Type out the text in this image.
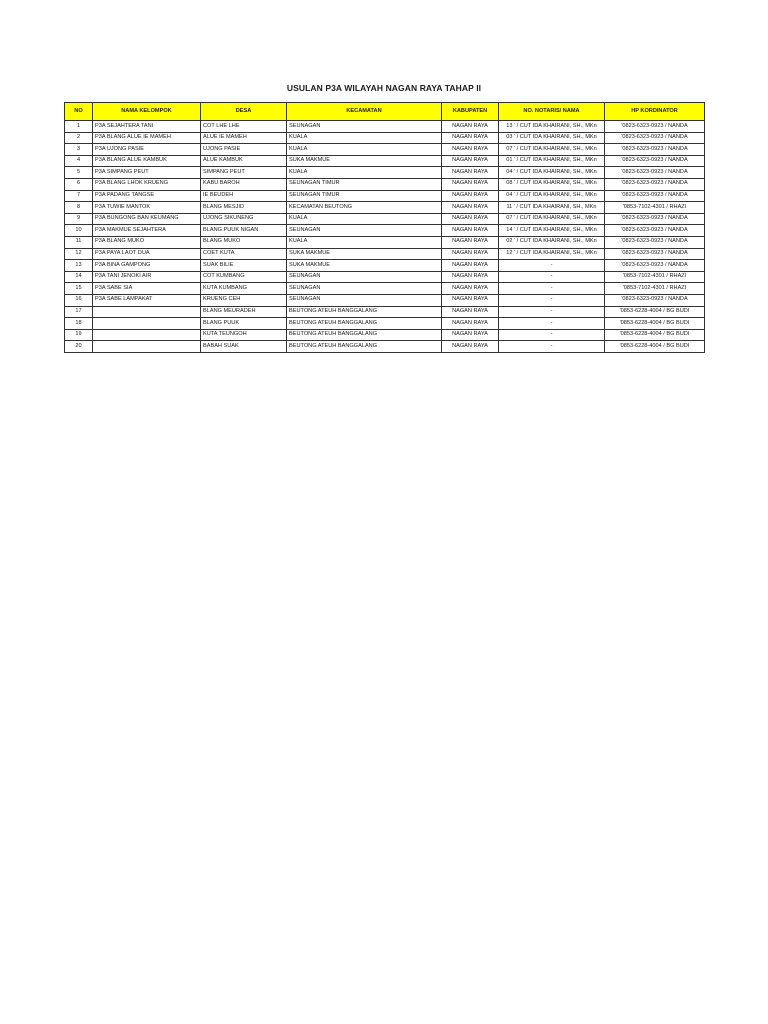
USULAN P3A WILAYAH NAGAN RAYA TAHAP II
NO	NAMA KELOMPOK	DESA	KECAMATAN	KABUPATEN	NO. NOTARIS/ NAMA	HP KORDINATOR
1	P3A SEJAHTERA TANI	COT LHE LHE	SEUNAGAN	NAGAN RAYA	13 ' / CUT IDA KHAIRANI, SH., MKn	'0823-6323-0923 / NANDA
2	P3A BLANG ALUE IE MAMEH	ALUE IE MAMEH	KUALA	NAGAN RAYA	03 ' / CUT IDA KHAIRANI, SH., MKn	'0823-6323-0923 / NANDA
3	P3A UJONG PASIE	UJONG PASIE	KUALA	NAGAN RAYA	07 ' / CUT IDA KHAIRANI, SH., MKn	'0823-6323-0923 / NANDA
4	P3A BLANG ALUE KAMBUK	ALUE KAMBUK	SUKA MAKMUE	NAGAN RAYA	01 ' / CUT IDA KHAIRANI, SH., MKn	'0823-6323-0923 / NANDA
5	P3A SIMPANG PEUT	SIMPANG PEUT	KUALA	NAGAN RAYA	04 ' / CUT IDA KHAIRANI, SH., MKn	'0823-6323-0923 / NANDA
6	P3A BLANG LHOK KRUENG	KABU BAROH	SEUNAGAN TIMUR	NAGAN RAYA	08 ' / CUT IDA KHAIRANI, SH., MKn	'0823-6323-0923 / NANDA
7	P3A PADANG TANGSE	IE BEUDEH	SEUNAGAN TIMUR	NAGAN RAYA	04 ' / CUT IDA KHAIRANI, SH., MKn	'0823-6323-0923 / NANDA
8	P3A TUWIE MANTOK	BLANG MESJID	KECAMATAN BEUTONG	NAGAN RAYA	11 ' / CUT IDA KHAIRANI, SH., MKn	'0853-7102-4301 / RHAZI
9	P3A BUNGONG BAN KEUMANG	UJONG SIKUNENG	KUALA	NAGAN RAYA	07 ' / CUT IDA KHAIRANI, SH., MKn	'0823-6323-0923 / NANDA
10	P3A MAKMUE SEJAHTERA	BLANG PUUK NIGAN	SEUNAGAN	NAGAN RAYA	14 ' / CUT IDA KHAIRANI, SH., MKn	'0823-6323-0923 / NANDA
11	P3A BLANG MUKO	BLANG MUKO	KUALA	NAGAN RAYA	02 ' / CUT IDA KHAIRANI, SH., MKn	'0823-6323-0923 / NANDA
12	P3A PAYA LAOT DUA	COET KUTA	SUKA MAKMUE	NAGAN RAYA	12 ' / CUT IDA KHAIRANI, SH., MKn	'0823-6323-0923 / NANDA
13	P3A BINA GAMPONG	SUAK BILIE	SUKA MAKMUE	NAGAN RAYA	-	'0823-6323-0923 / NANDA
14	P3A TANI JENOKI AIR	COT KUMBANG	SEUNAGAN	NAGAN RAYA	-	'0853-7102-4301 / RHAZI
15	P3A SABE SIA	KUTA KUMBANG	SEUNAGAN	NAGAN RAYA	-	'0853-7102-4301 / RHAZI
16	P3A SABE LAMPAKAT	KRUENG CEH	SEUNAGAN	NAGAN RAYA	-	'0823-6323-0923 / NANDA
17		BLANG MEURADEH	BEUTONG ATEUH BANGGALANG	NAGAN RAYA	-	'0853-6228-4004 / BG BUDI
18		BLANG PUUK	BEUTONG ATEUH BANGGALANG	NAGAN RAYA	-	'0853-6228-4004 / BG BUDI
19		KUTA TEUNGOH	BEUTONG ATEUH BANGGALANG	NAGAN RAYA	-	'0853-6228-4004 / BG BUDI
20		BABAH SUAK	BEUTONG ATEUH BANGGALANG	NAGAN RAYA	-	'0853-6228-4004 / BG BUDI
